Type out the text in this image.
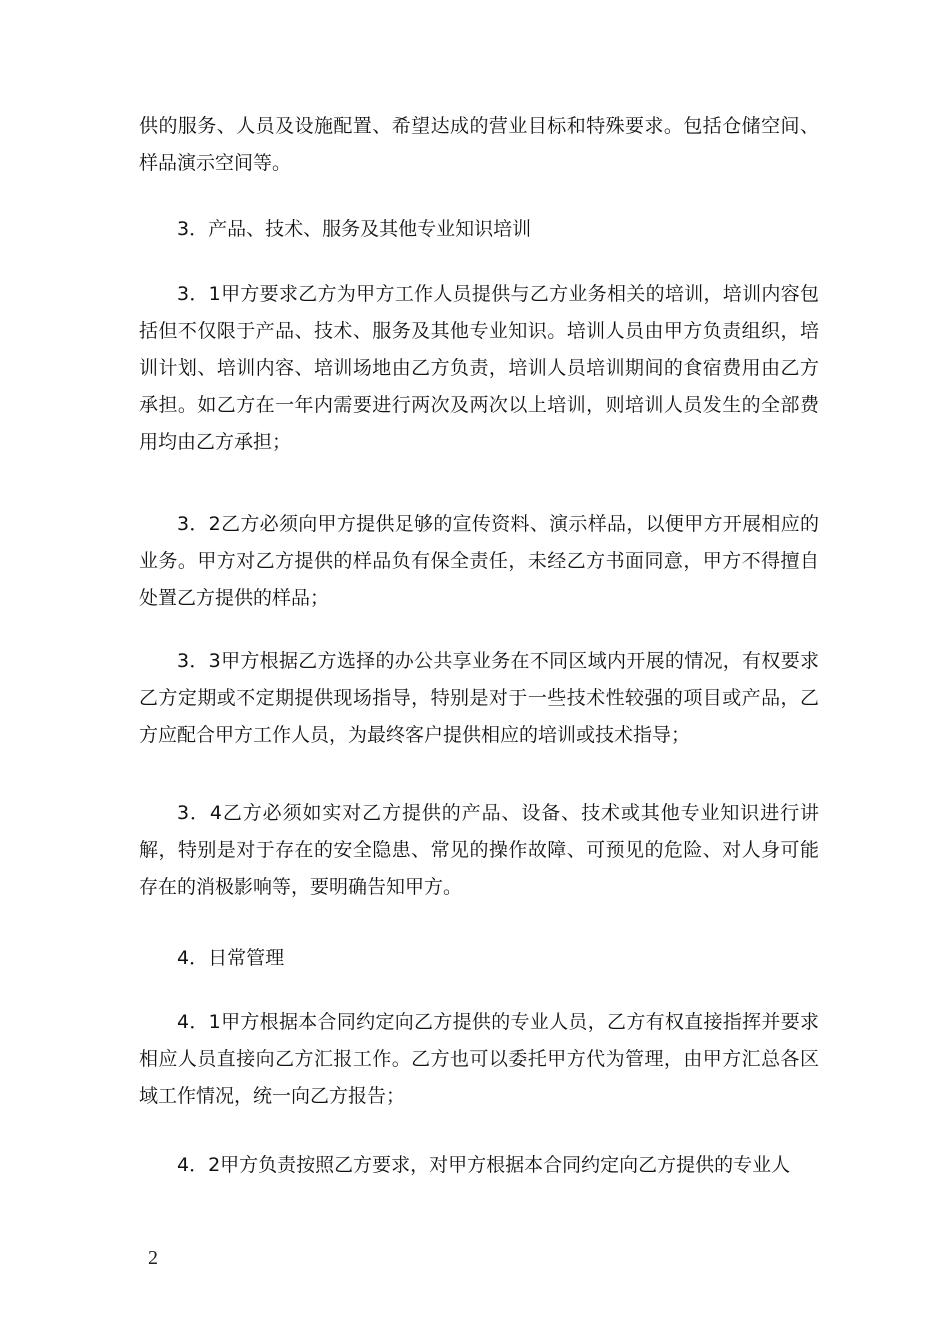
供的服务、人员及设施配置、希望达成的营业目标和特殊要求。包括仓储空间、样品演示空间等。

3．产品、技术、服务及其他专业知识培训

3．1甲方要求乙方为甲方工作人员提供与乙方业务相关的培训，培训内容包括但不仅限于产品、技术、服务及其他专业知识。培训人员由甲方负责组织，培训计划、培训内容、培训场地由乙方负责，培训人员培训期间的食宿费用由乙方承担。如乙方在一年内需要进行两次及两次以上培训，则培训人员发生的全部费用均由乙方承担；

3．2乙方必须向甲方提供足够的宣传资料、演示样品，以便甲方开展相应的业务。甲方对乙方提供的样品负有保全责任，未经乙方书面同意，甲方不得擅自处置乙方提供的样品；

3．3甲方根据乙方选择的办公共享业务在不同区域内开展的情况，有权要求乙方定期或不定期提供现场指导，特别是对于一些技术性较强的项目或产品，乙方应配合甲方工作人员，为最终客户提供相应的培训或技术指导；

3．4乙方必须如实对乙方提供的产品、设备、技术或其他专业知识进行讲解，特别是对于存在的安全隐患、常见的操作故障、可预见的危险、对人身可能存在的消极影响等，要明确告知甲方。

4．日常管理

4．1甲方根据本合同约定向乙方提供的专业人员，乙方有权直接指挥并要求相应人员直接向乙方汇报工作。乙方也可以委托甲方代为管理，由甲方汇总各区域工作情况，统一向乙方报告；

4．2甲方负责按照乙方要求，对甲方根据本合同约定向乙方提供的专业人

2
